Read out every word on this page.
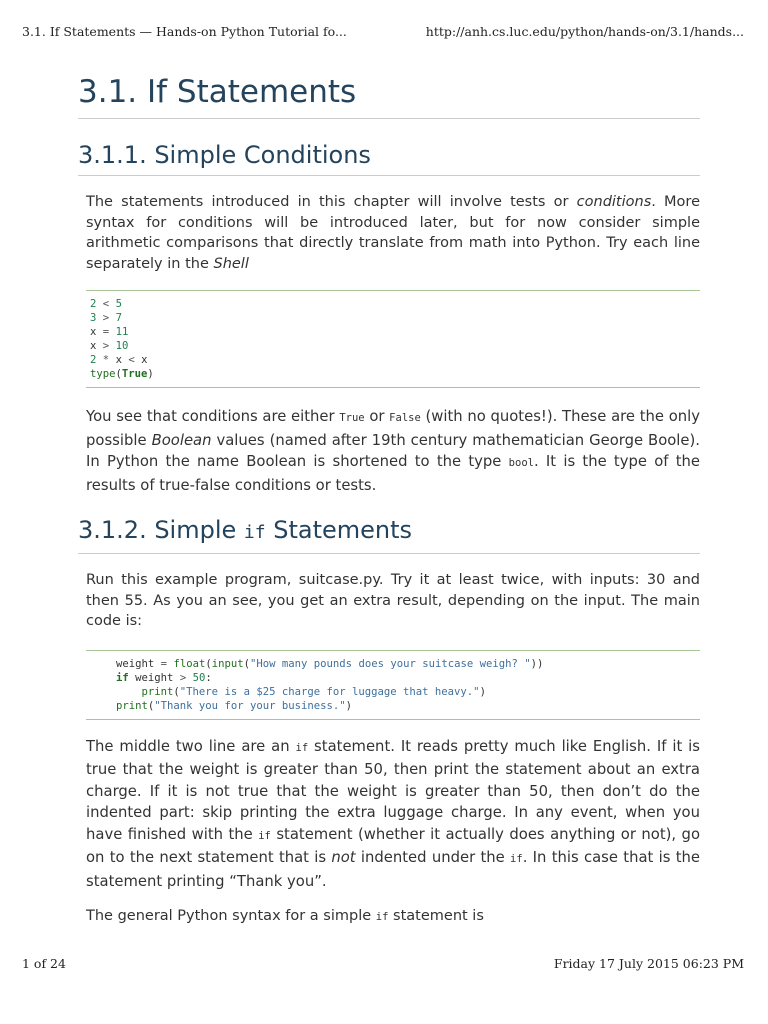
3.1. If Statements — Hands-on Python Tutorial fo...	http://anh.cs.luc.edu/python/hands-on/3.1/hands...
3.1. If Statements
3.1.1. Simple Conditions

The statements introduced in this chapter will involve tests or conditions. More syntax for conditions will be introduced later, but for now consider simple arithmetic comparisons that directly translate from math into Python. Try each line separately in the Shell

2 < 5
3 > 7
x = 11
x > 10
2 * x < x
type(True)

You see that conditions are either True or False (with no quotes!). These are the only possible Boolean values (named after 19th century mathematician George Boole). In Python the name Boolean is shortened to the type bool. It is the type of the results of true-false conditions or tests.

3.1.2. Simple if Statements

Run this example program, suitcase.py. Try it at least twice, with inputs: 30 and then 55. As you an see, you get an extra result, depending on the input. The main code is:

weight = float(input("How many pounds does your suitcase weigh? "))
if weight > 50:
print("There is a $25 charge for luggage that heavy.")
print("Thank you for your business.")

The middle two line are an if statement. It reads pretty much like English. If it is true that the weight is greater than 50, then print the statement about an extra charge. If it is not true that the weight is greater than 50, then don’t do the indented part: skip printing the extra luggage charge. In any event, when you have finished with the if statement (whether it actually does anything or not), go on to the next statement that is not indented under the if. In this case that is the statement printing “Thank you”.

The general Python syntax for a simple if statement is

1 of 24	Friday 17 July 2015 06:23 PM
